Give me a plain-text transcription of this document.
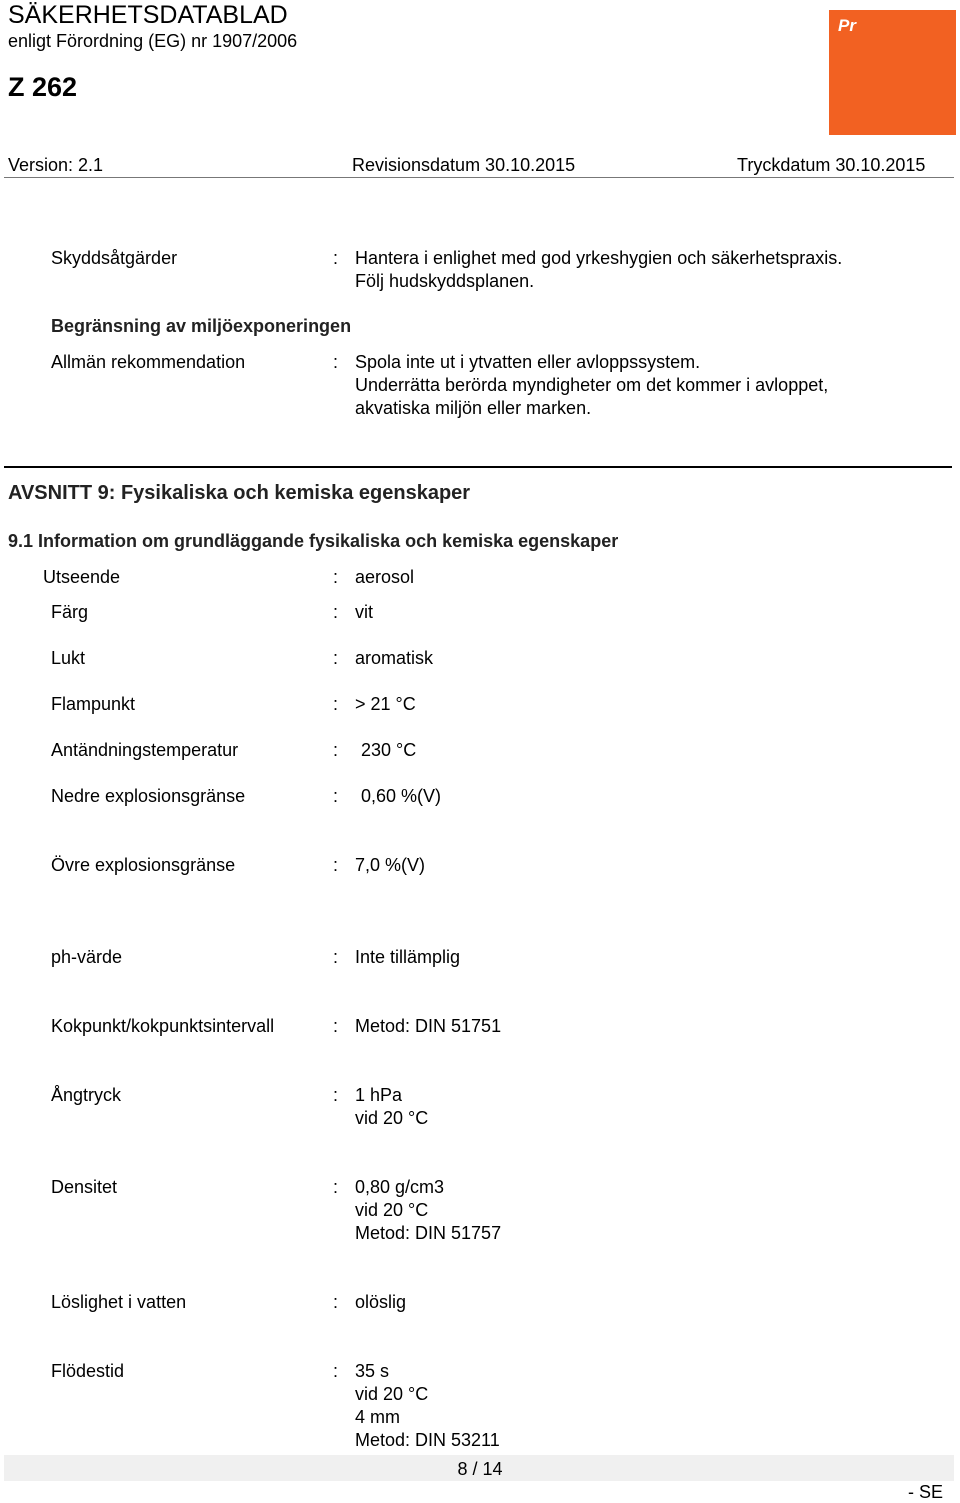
SÄKERHETSDATABLAD
enligt Förordning (EG) nr 1907/2006
Z 262
Pr
Version: 2.1	Revisionsdatum 30.10.2015	Tryckdatum 30.10.2015
Skyddsåtgärder	: Hantera i enlighet med god yrkeshygien och säkerhetspraxis.
Följ hudskyddsplanen.
Begränsning av miljöexponeringen
Allmän rekommendation	: Spola inte ut i ytvatten eller avloppssystem.
Underrätta berörda myndigheter om det kommer i avloppet,
akvatiska miljön eller marken.
AVSNITT 9: Fysikaliska och kemiska egenskaper
9.1 Information om grundläggande fysikaliska och kemiska egenskaper
Utseende	: aerosol
Färg	: vit
Lukt	: aromatisk
Flampunkt	: > 21 °C
Antändningstemperatur	: 230 °C
Nedre explosionsgränse	: 0,60 %(V)
Övre explosionsgränse	: 7,0 %(V)
ph-värde	: Inte tillämplig
Kokpunkt/kokpunktsintervall	: Metod: DIN 51751
Ångtryck	: 1 hPa
vid 20 °C
Densitet	: 0,80 g/cm3
vid 20 °C
Metod: DIN 51757
Löslighet i vatten	: olöslig
Flödestid	: 35 s
vid 20 °C
4 mm
Metod: DIN 53211
8 / 14
- SE
